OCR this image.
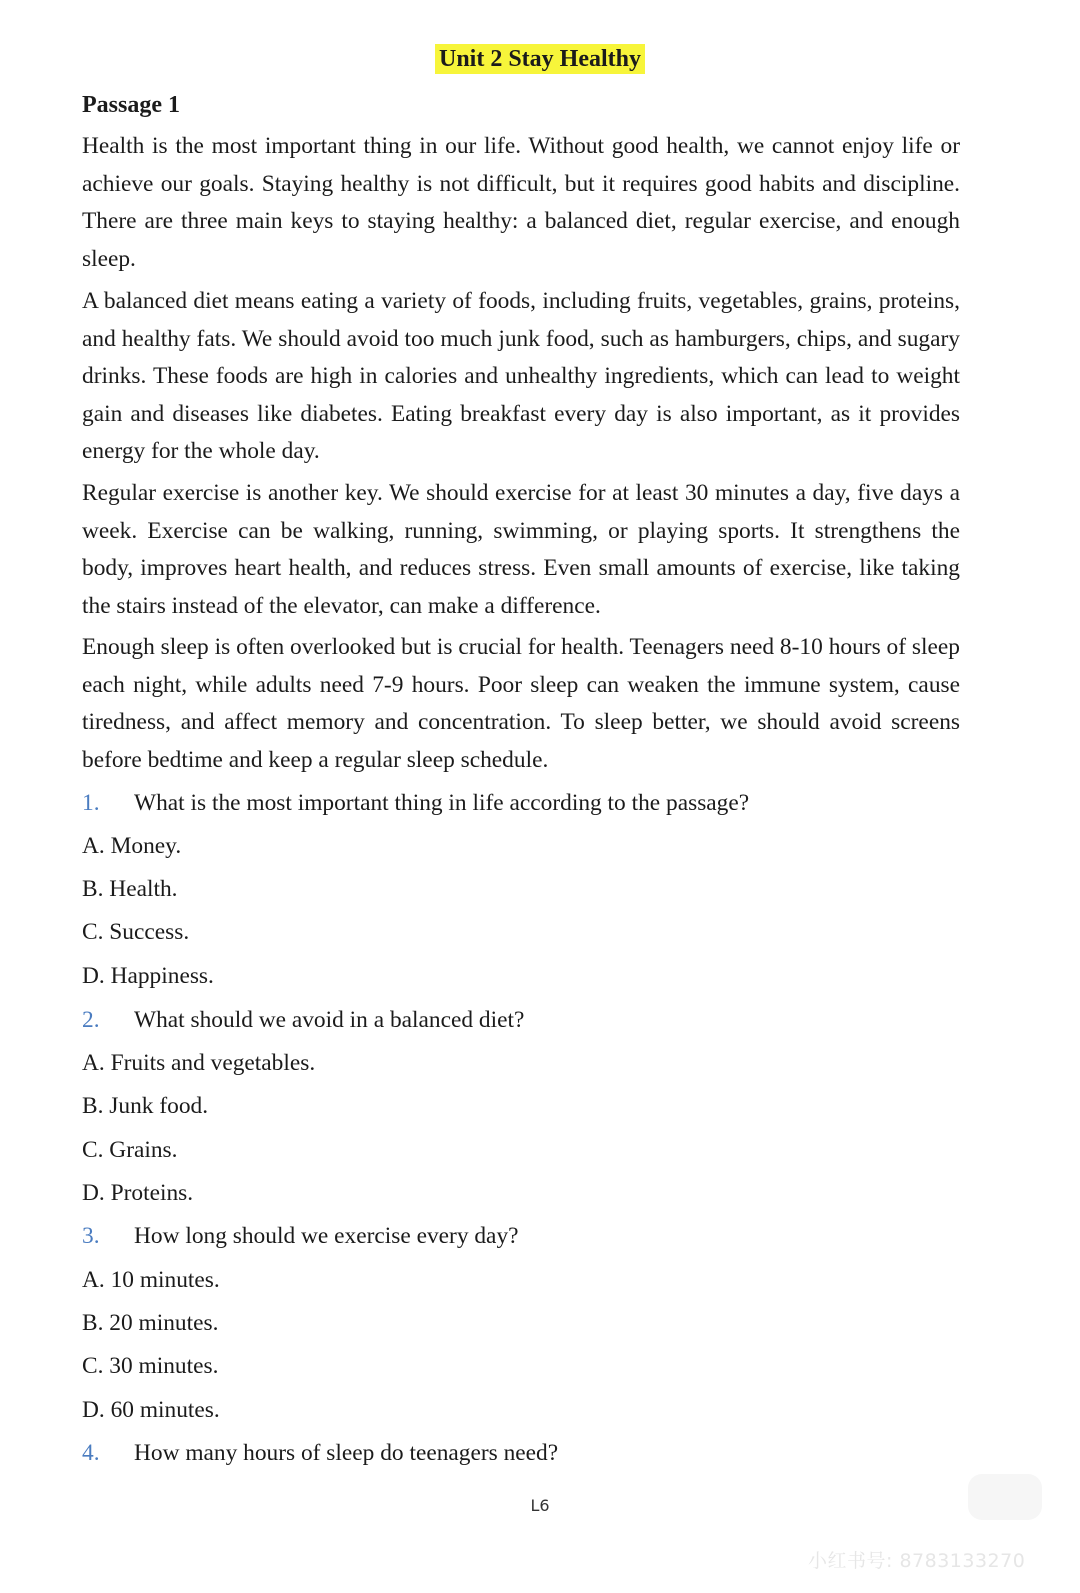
Unit 2 Stay Healthy
Passage 1

Health is the most important thing in our life. Without good health, we cannot enjoy life or achieve our goals. Staying healthy is not difficult, but it requires good habits and discipline. There are three main keys to staying healthy: a balanced diet, regular exercise, and enough sleep.

A balanced diet means eating a variety of foods, including fruits, vegetables, grains, proteins, and healthy fats. We should avoid too much junk food, such as hamburgers, chips, and sugary drinks. These foods are high in calories and unhealthy ingredients, which can lead to weight gain and diseases like diabetes. Eating breakfast every day is also important, as it provides energy for the whole day.

Regular exercise is another key. We should exercise for at least 30 minutes a day, five days a week. Exercise can be walking, running, swimming, or playing sports. It strengthens the body, improves heart health, and reduces stress. Even small amounts of exercise, like taking the stairs instead of the elevator, can make a difference.

Enough sleep is often overlooked but is crucial for health. Teenagers need 8-10 hours of sleep each night, while adults need 7-9 hours. Poor sleep can weaken the immune system, cause tiredness, and affect memory and concentration. To sleep better, we should avoid screens before bedtime and keep a regular sleep schedule.

1. What is the most important thing in life according to the passage?
A. Money.
B. Health.
C. Success.
D. Happiness.
2. What should we avoid in a balanced diet?
A. Fruits and vegetables.
B. Junk food.
C. Grains.
D. Proteins.
3. How long should we exercise every day?
A. 10 minutes.
B. 20 minutes.
C. 30 minutes.
D. 60 minutes.
4. How many hours of sleep do teenagers need?
L6
小红书号: 8783133270
